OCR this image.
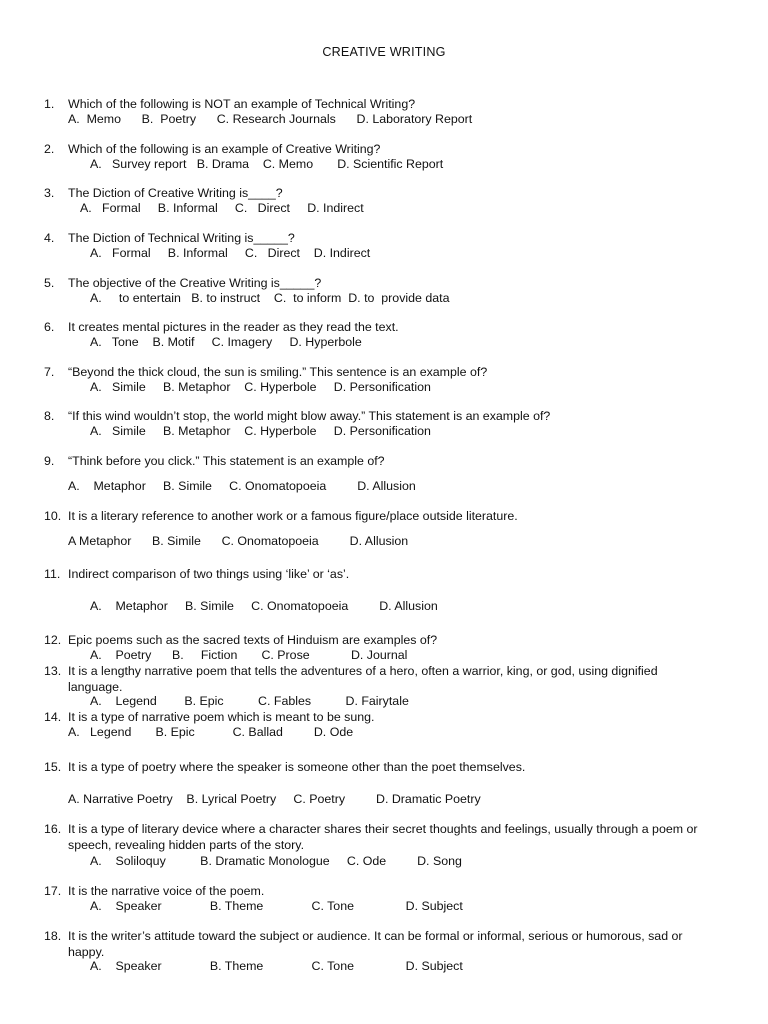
CREATIVE WRITING
1. Which of the following is NOT an example of Technical Writing?
A.  Memo      B.  Poetry      C. Research Journals      D. Laboratory Report
2. Which of the following is an example of Creative Writing?
A.   Survey report   B. Drama    C. Memo       D. Scientific Report
3. The Diction of Creative Writing is____?
A.   Formal     B. Informal     C.   Direct     D. Indirect
4. The Diction of Technical Writing is_____?
A.   Formal     B. Informal     C.   Direct    D. Indirect
5. The objective of the Creative Writing is_____?
A.     to entertain   B. to instruct    C.  to inform  D. to  provide data
6. It creates mental pictures in the reader as they read the text.
A.   Tone    B. Motif     C. Imagery     D. Hyperbole
7. “Beyond the thick cloud, the sun is smiling.” This sentence is an example of?
A.   Simile     B. Metaphor    C. Hyperbole     D. Personification
8. “If this wind wouldn’t stop, the world might blow away.” This statement is an example of?
A.   Simile     B. Metaphor    C. Hyperbole     D. Personification
9. “Think before you click.” This statement is an example of?
A.    Metaphor     B. Simile     C. Onomatopoeia         D. Allusion
10. It is a literary reference to another work or a famous figure/place outside literature.
A Metaphor      B. Simile      C. Onomatopoeia         D. Allusion
11. Indirect comparison of two things using ‘like’ or ‘as’.
A.    Metaphor     B. Simile     C. Onomatopoeia         D. Allusion
12. Epic poems such as the sacred texts of Hinduism are examples of?
A.    Poetry      B.     Fiction       C. Prose            D. Journal
13. It is a lengthy narrative poem that tells the adventures of a hero, often a warrior, king, or god, using dignified language.
A.    Legend        B. Epic          C. Fables          D. Fairytale
14. It is a type of narrative poem which is meant to be sung.
A.   Legend       B. Epic           C. Ballad         D. Ode
15. It is a type of poetry where the speaker is someone other than the poet themselves.
A. Narrative Poetry    B. Lyrical Poetry     C. Poetry         D. Dramatic Poetry
16. It is a type of literary device where a character shares their secret thoughts and feelings, usually through a poem or speech, revealing hidden parts of the story.
A.    Soliloquy          B. Dramatic Monologue     C. Ode         D. Song
17. It is the narrative voice of the poem.
A.    Speaker              B. Theme              C. Tone               D. Subject
18. It is the writer’s attitude toward the subject or audience. It can be formal or informal, serious or humorous, sad or happy.
A.    Speaker              B. Theme              C. Tone               D. Subject
